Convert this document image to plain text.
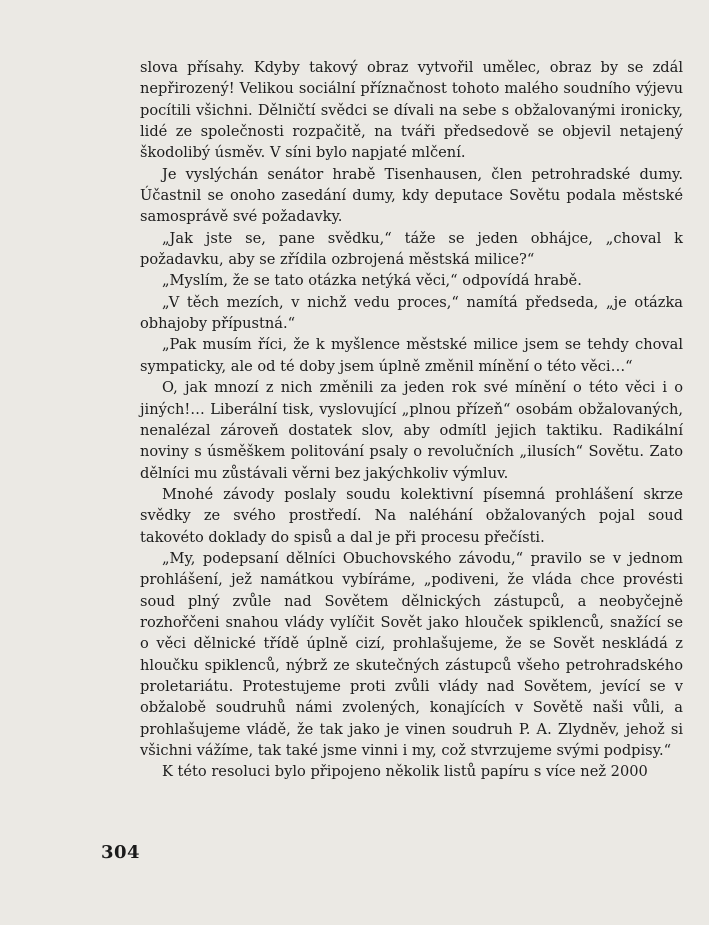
slova přísahy. Kdyby takový obraz vytvořil umělec, obraz by se zdál nepřirozený! Velikou sociální příznačnost tohoto malého soudního výjevu pocítili všichni. Dělničtí svědci se dívali na sebe s obžalovanými ironicky, lidé ze společnosti rozpačitě, na tváři předsedově se objevil netajený škodolibý úsměv. V síni bylo napjaté mlčení.

Je vyslýchán senátor hrabě Tisenhausen, člen petrohradské dumy. Účastnil se onoho zasedání dumy, kdy deputace Sovětu podala městské samosprávě své požadavky.

„Jak jste se, pane svědku,“ táže se jeden obhájce, „choval k požadavku, aby se zřídila ozbrojená městská milice?“

„Myslím, že se tato otázka netýká věci,“ odpovídá hrabě.

„V těch mezích, v nichž vedu proces,“ namítá předseda, „je otázka obhajoby přípustná.“

„Pak musím říci, že k myšlence městské milice jsem se tehdy choval sympaticky, ale od té doby jsem úplně změnil mínění o této věci…“

O, jak mnozí z nich změnili za jeden rok své mínění o této věci i o jiných!… Liberální tisk, vyslovující „plnou přízeň“ osobám obžalovaných, nenalézal zároveň dostatek slov, aby odmítl jejich taktiku. Radikální noviny s úsměškem politování psaly o revolučních „ilusích“ Sovětu. Zato dělníci mu zůstávali věrni bez jakýchkoliv výmluv.

Mnohé závody poslaly soudu kolektivní písemná prohlášení skrze svědky ze svého prostředí. Na naléhání obžalovaných pojal soud takovéto doklady do spisů a dal je při procesu přečísti.

„My, podepsaní dělníci Obuchovského závodu,“ pravilo se v jednom prohlášení, jež namátkou vybíráme, „podiveni, že vláda chce provésti soud plný zvůle nad Sovětem dělnických zástupců, a neobyčejně rozhořčeni snahou vlády vylíčit Sovět jako hlouček spiklenců, snažící se o věci dělnické třídě úplně cizí, prohlašujeme, že se Sovět neskládá z hloučku spiklenců, nýbrž ze skutečných zástupců všeho petrohradského proletariátu. Protestujeme proti zvůli vlády nad Sovětem, jevící se v obžalobě soudruhů námi zvolených, konajících v Sovětě naši vůli, a prohlašujeme vládě, že tak jako je vinen soudruh P. A. Zlydněv, jehož si všichni vážíme, tak také jsme vinni i my, což stvrzujeme svými podpisy.“

K této resoluci bylo připojeno několik listů papíru s více než 2000

304
